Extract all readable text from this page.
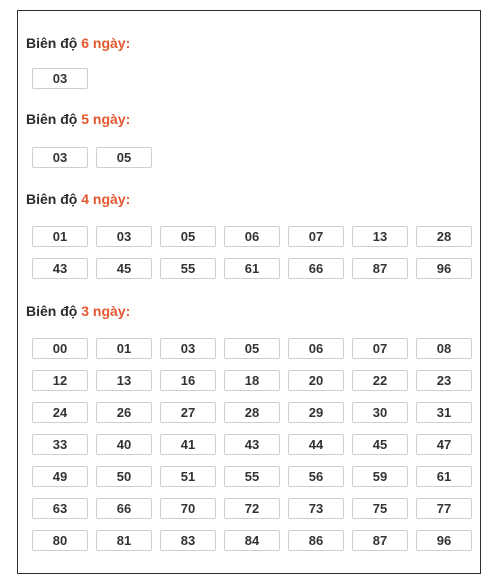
Biên độ 6 ngày:
03
Biên độ 5 ngày:
03	05
Biên độ 4 ngày:
01	03	05	06	07	13	28
43	45	55	61	66	87	96
Biên độ 3 ngày:
00	01	03	05	06	07	08
12	13	16	18	20	22	23
24	26	27	28	29	30	31
33	40	41	43	44	45	47
49	50	51	55	56	59	61
63	66	70	72	73	75	77
80	81	83	84	86	87	96
